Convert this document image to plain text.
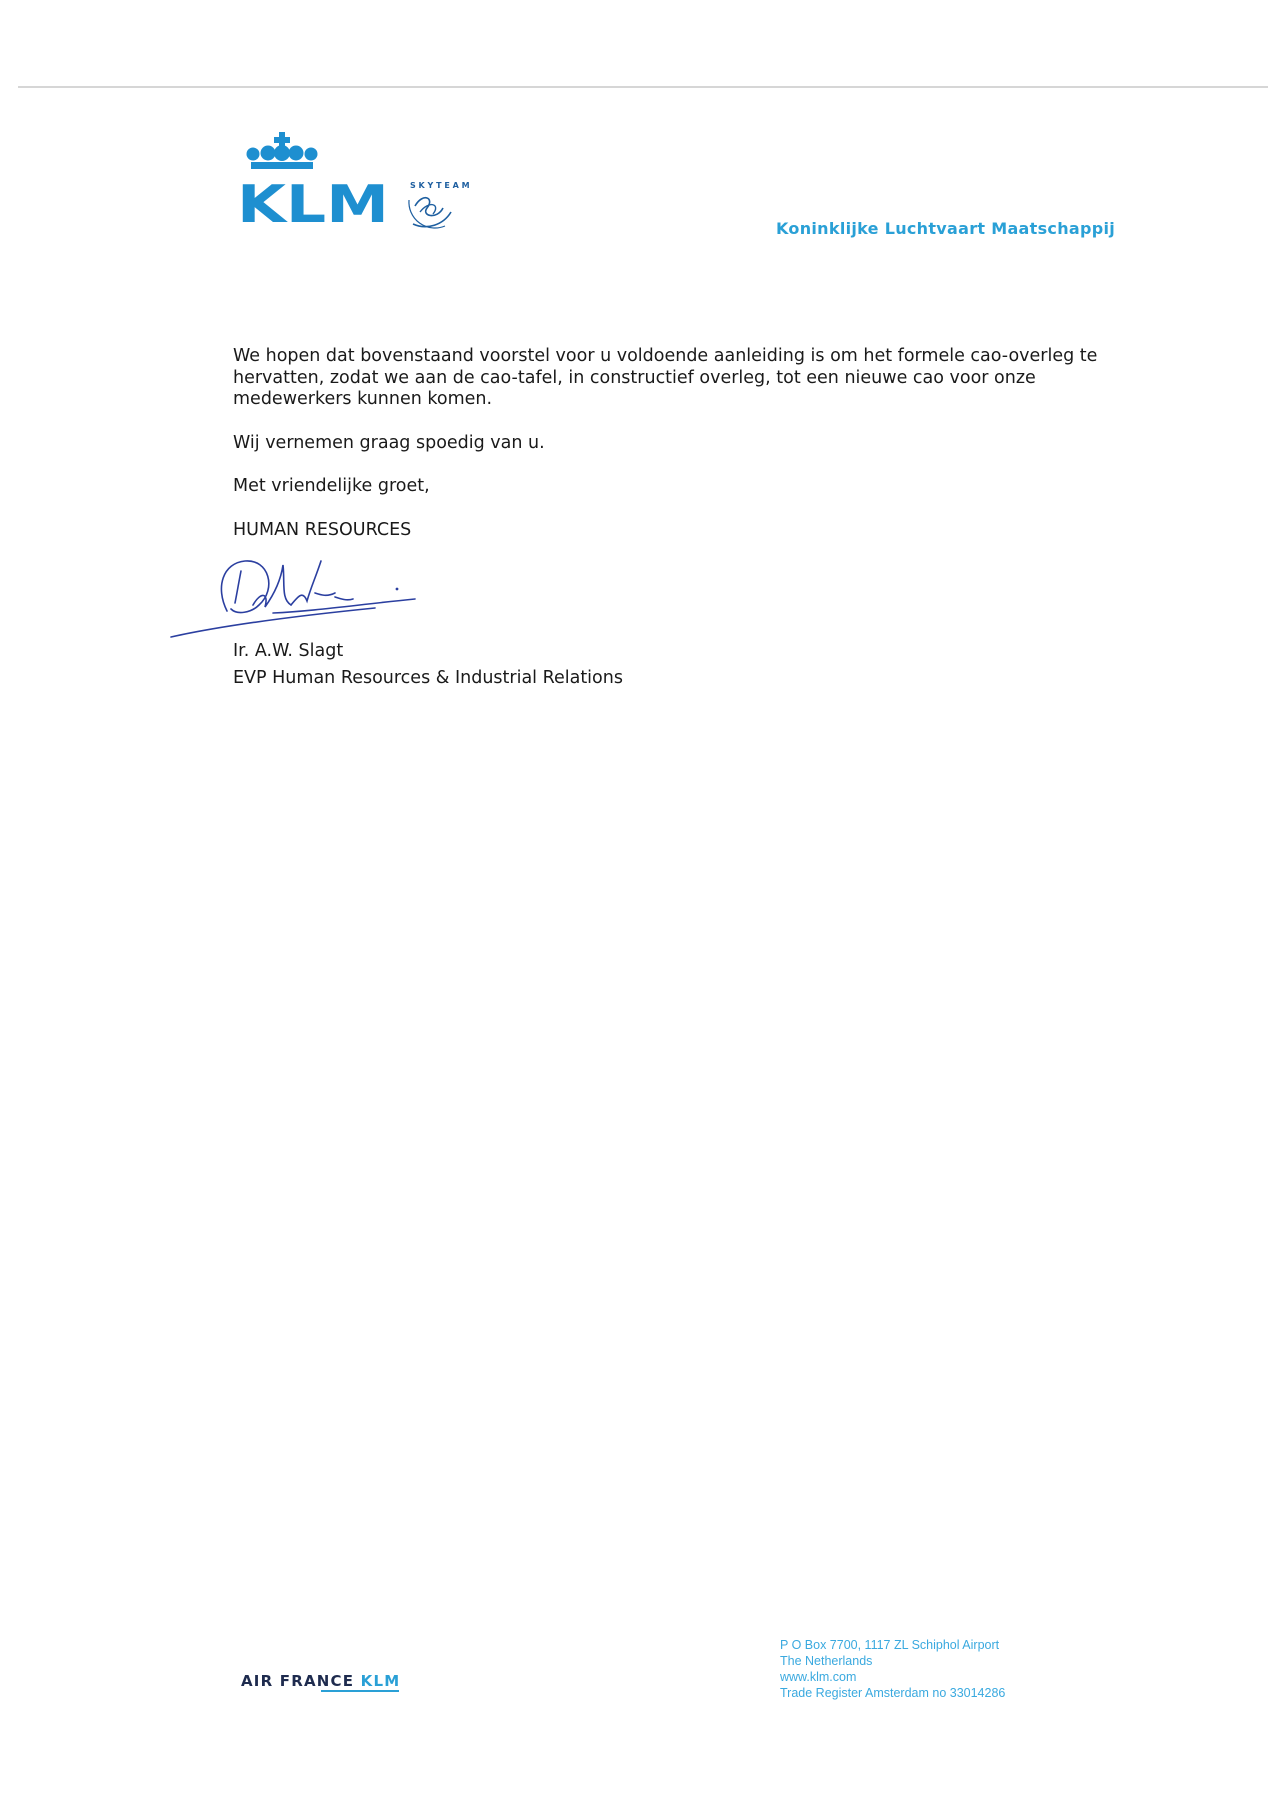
KLM	S K Y T E A M
Koninklijke Luchtvaart Maatschappij

We hopen dat bovenstaand voorstel voor u voldoende aanleiding is om het formele cao-overleg te hervatten, zodat we aan de cao-tafel, in constructief overleg, tot een nieuwe cao voor onze medewerkers kunnen komen.

Wij vernemen graag spoedig van u.

Met vriendelijke groet,

HUMAN RESOURCES

Ir. A.W. Slagt
EVP Human Resources & Industrial Relations
AIR FRANCE KLM
P O Box 7700, 1117 ZL Schiphol Airport
The Netherlands
www.klm.com
Trade Register Amsterdam no 33014286
